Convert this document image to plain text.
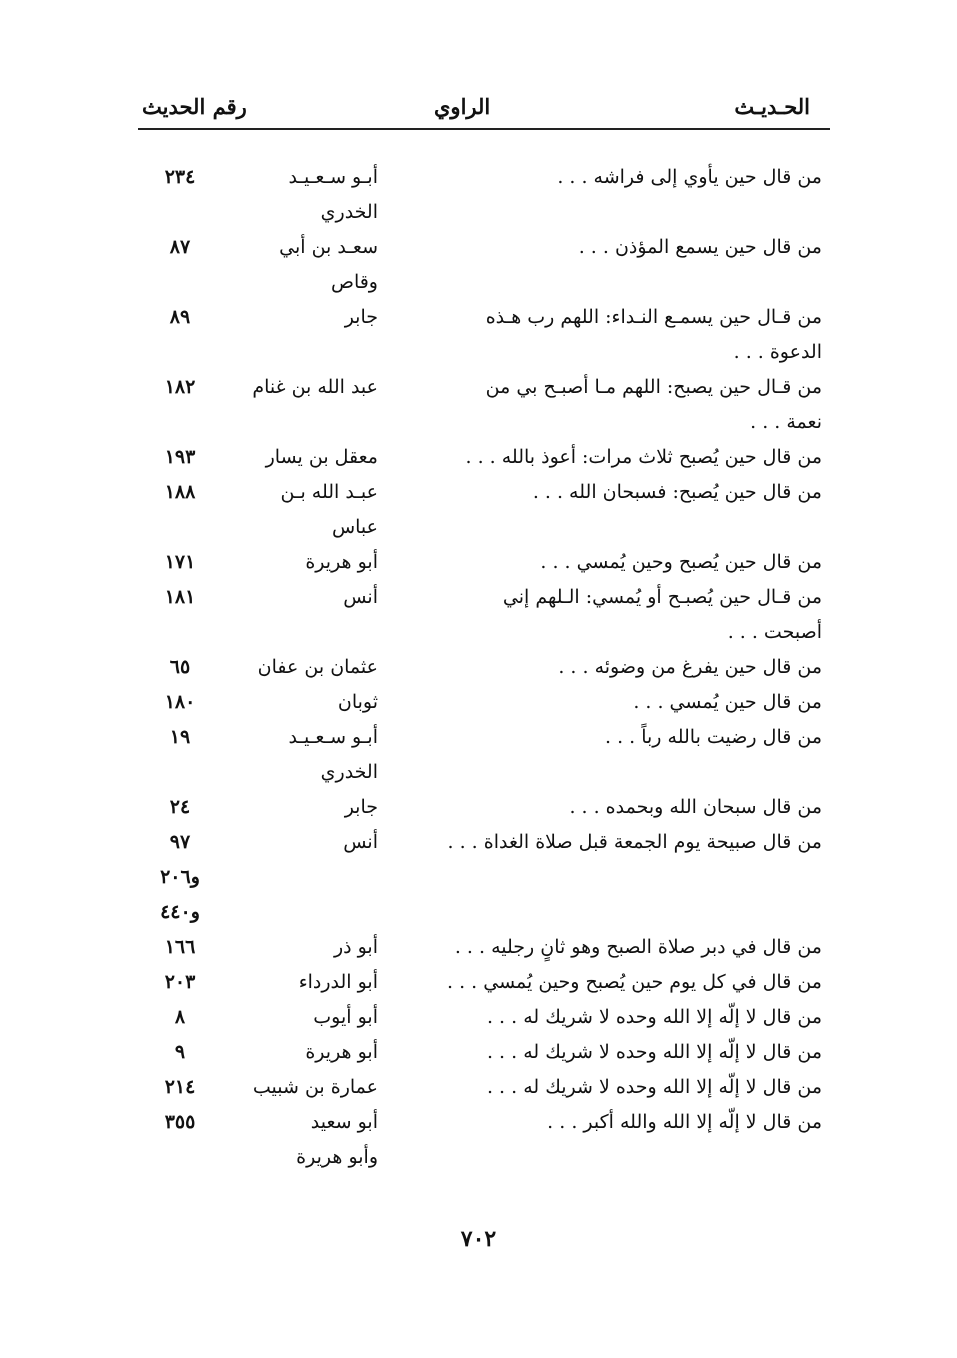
الحـديـث
الراوي
رقم الحديث
من قال حين يأوي إلى فراشه . . .
أبـو سـعـيـد
٢٣٤
الخدري
من قال حين يسمع المؤذن . . .
سعـد بن أبي
٨٧
وقاص
من قـال حين يسمـع النـداء: اللهم رب هـذه
جابر
٨٩
الدعوة . . .
من قـال حين يصبح: اللهم مـا أصبـح بي من
عبد الله بن غنام
١٨٢
نعمة . . .
من قال حين يُصبح ثلاث مرات: أعوذ بالله . . .
معقل بن يسار
١٩٣
من قال حين يُصبح: فسبحان الله . . .
عبـد الله بـن
١٨٨
عباس
من قال حين يُصبح وحين يُمسي . . .
أبو هريرة
١٧١
من قـال حين يُصبـح أو يُمسي: الـلهم إني
أنس
١٨١
أصبحت . . .
من قال حين يفرغ من وضوئه . . .
عثمان بن عفان
٦٥
من قال حين يُمسي . . .
ثوبان
١٨٠
من قال رضيت بالله رباً . . .
أبـو سـعـيـد
١٩
الخدري
من قال سبحان الله وبحمده . . .
جابر
٢٤
من قال صبيحة يوم الجمعة قبل صلاة الغداة . . .
أنس
٩٧
و٢٠٦
و٤٤٠
من قال في دبر صلاة الصبح وهو ثانٍ رجليه . . .
أبو ذر
١٦٦
من قال في كل يوم حين يُصبح وحين يُمسي . . .
أبو الدرداء
٢٠٣
من قال لا إلّه إلا الله وحده لا شريك له . . .
أبو أيوب
٨
من قال لا إلّه إلا الله وحده لا شريك له . . .
أبو هريرة
٩
من قال لا إلّه إلا الله وحده لا شريك له . . .
عمارة بن شبيب
٢١٤
من قال لا إلّه إلا الله والله أكبر . . .
أبو سعيد
٣٥٥
وأبو هريرة
٧٠٢
